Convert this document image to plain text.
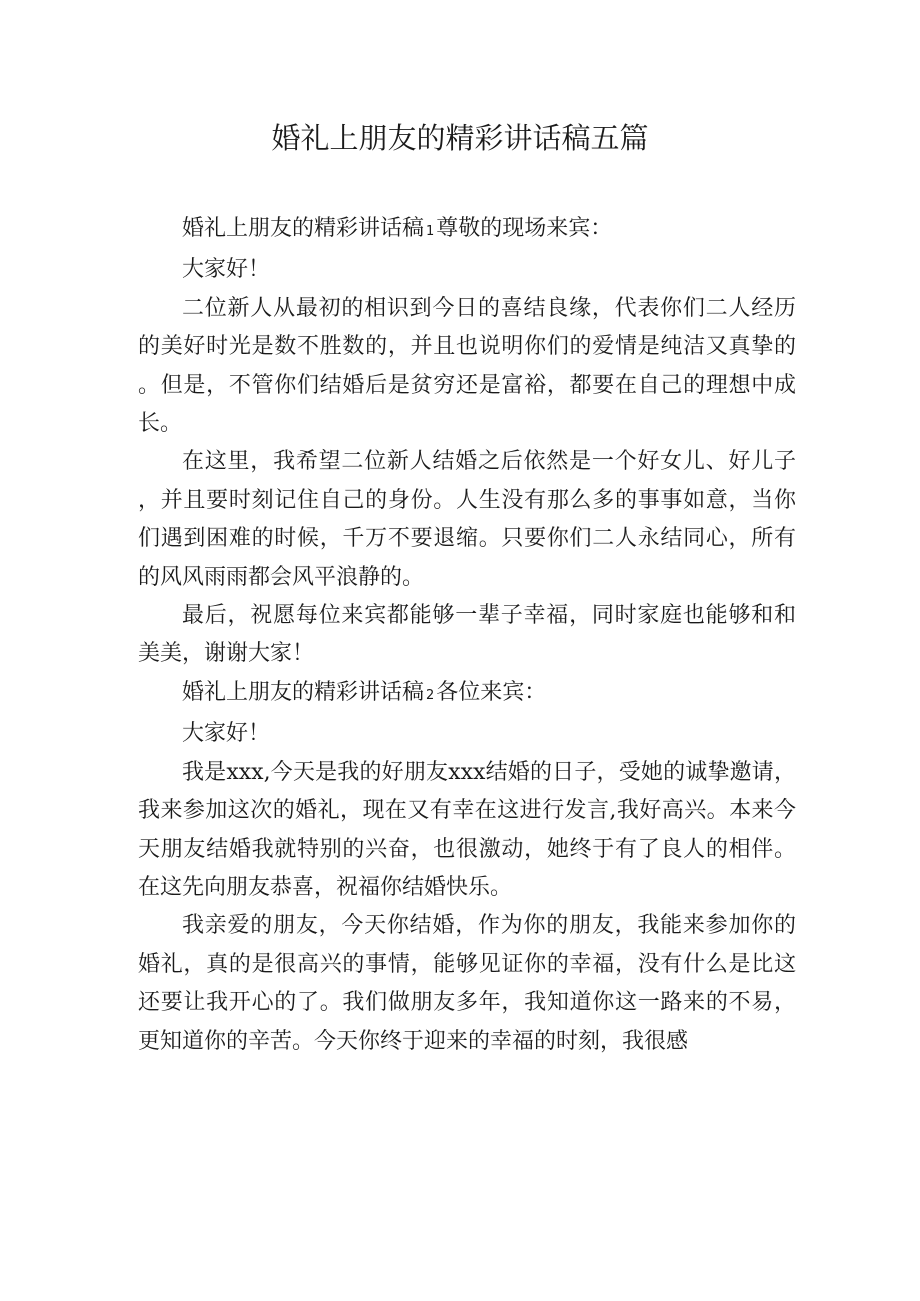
婚礼上朋友的精彩讲话稿五篇

婚礼上朋友的精彩讲话稿 1尊敬的现场来宾：

大家好！

二位新人从最初的相识到今日的喜结良缘，代表你们二人经历的美好时光是数不胜数的，并且也说明你们的爱情是纯洁又真挚的。但是，不管你们结婚后是贫穷还是富裕，都要在自己的理想中成长。

在这里，我希望二位新人结婚之后依然是一个好女儿、好儿子，并且要时刻记住自己的身份。人生没有那么多的事事如意，当你们遇到困难的时候，千万不要退缩。只要你们二人永结同心，所有的风风雨雨都会风平浪静的。

最后，祝愿每位来宾都能够一辈子幸福，同时家庭也能够和和美美，谢谢大家！

婚礼上朋友的精彩讲话稿 2各位来宾：

大家好！

我是xxx,今天是我的好朋友xxx结婚的日子，受她的诚挚邀请，我来参加这次的婚礼，现在又有幸在这进行发言,我好高兴。本来今天朋友结婚我就特别的兴奋，也很激动，她终于有了良人的相伴。在这先向朋友恭喜，祝福你结婚快乐。

我亲爱的朋友，今天你结婚，作为你的朋友，我能来参加你的婚礼，真的是很高兴的事情，能够见证你的幸福，没有什么是比这还要让我开心的了。我们做朋友多年，我知道你这一路来的不易，更知道你的辛苦。今天你终于迎来的幸福的时刻，我很感
